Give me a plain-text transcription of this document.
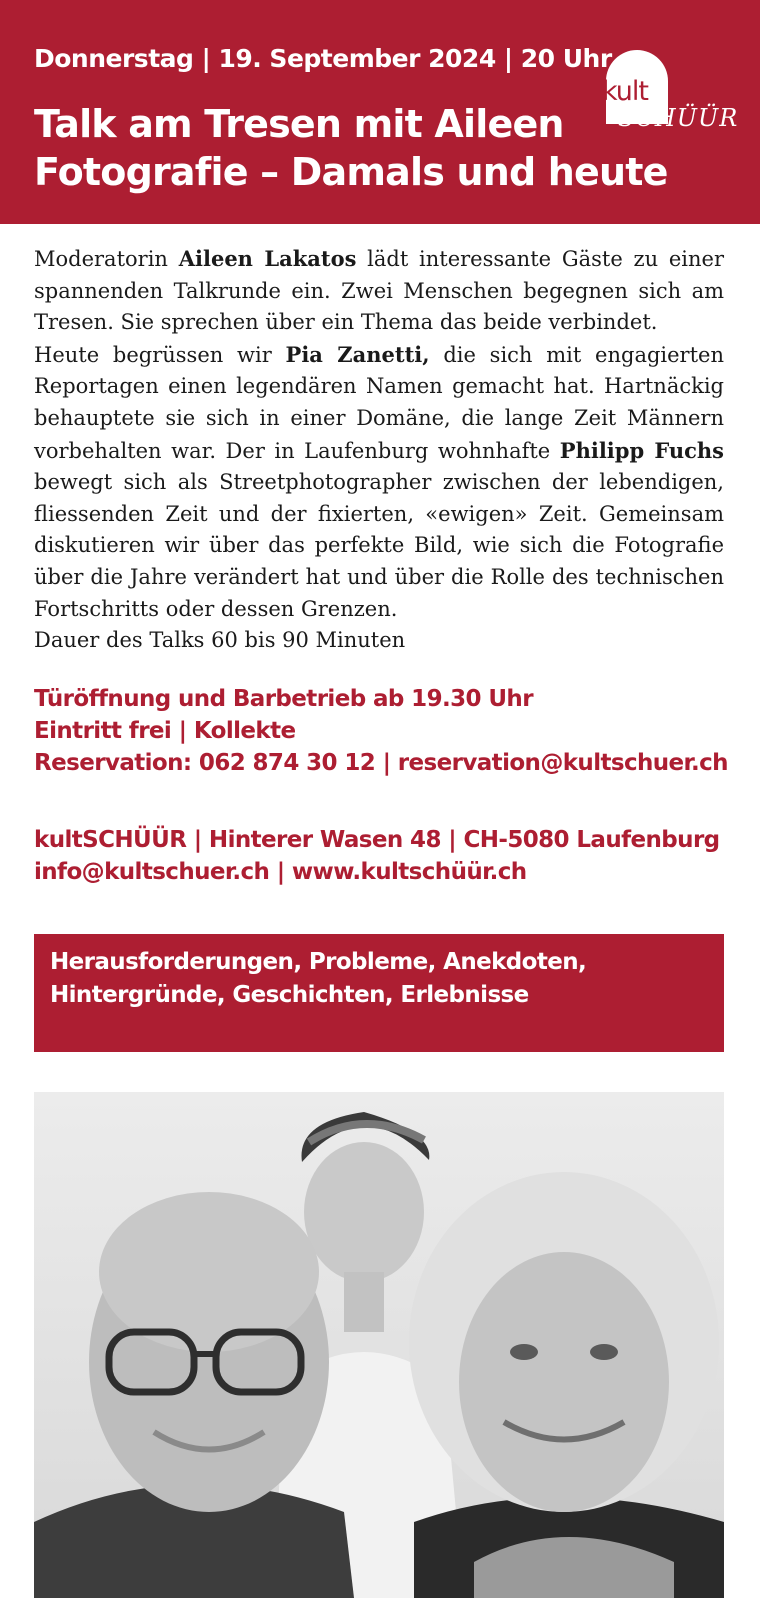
Donnerstag | 19. September 2024 | 20 Uhr
Talk am Tresen mit Aileen
Fotografie – Damals und heute
kult
SCHÜÜR

Moderatorin Aileen Lakatos lädt interessante Gäste zu einer spannenden Talkrunde ein. Zwei Menschen begegnen sich am Tresen. Sie sprechen über ein Thema das beide verbindet.

Heute begrüssen wir Pia Zanetti, die sich mit engagierten Reportagen einen legendären Namen gemacht hat. Hartnäckig behauptete sie sich in einer Domäne, die lange Zeit Männern vorbehalten war. Der in Laufenburg wohnhafte Philipp Fuchs bewegt sich als Streetphotographer zwischen der lebendigen, fliessenden Zeit und der fixierten, «ewigen» Zeit. Gemeinsam diskutieren wir über das perfekte Bild, wie sich die Fotografie über die Jahre verändert hat und über die Rolle des technischen Fortschritts oder dessen Grenzen.

Dauer des Talks 60 bis 90 Minuten

Türöffnung und Barbetrieb ab 19.30 Uhr
Eintritt frei | Kollekte
Reservation: 062 874 30 12 | reservation@kultschuer.ch
kultSCHÜÜR | Hinterer Wasen 48 | CH-5080 Laufenburg
info@kultschuer.ch | www.kultschüür.ch
Herausforderungen, Probleme, Anekdoten,
Hintergründe, Geschichten, Erlebnisse
